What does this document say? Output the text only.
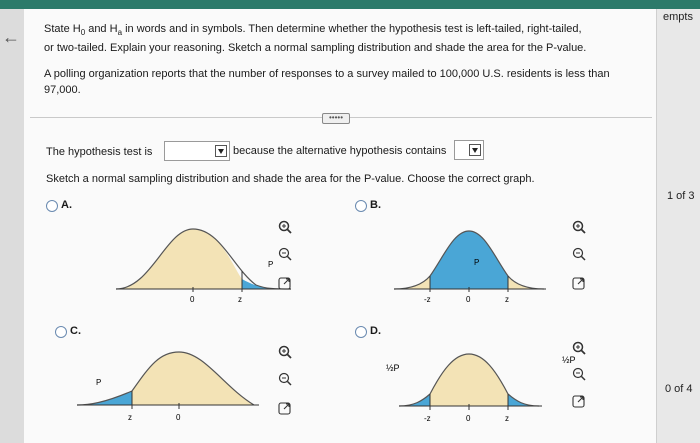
← State $H_0$ and $H_a$ in words and in symbols. Then determine whether the hypothesis test is left-tailed, right-tailed,
or two-tailed. Explain your reasoning. Sketch a normal sampling distribution and shade the area for the P-value.
A polling organization reports that the number of responses to a survey mailed to 100,000 U.S. residents is less than
97,000.
•••••
The hypothesis test is	because the alternative hypothesis contains
Sketch a normal sampling distribution and shade the area for the P-value. Choose the correct graph.
A.
0	z
P
B.
-z	0	z
P
C.
z	0
P
D.
-z	0	z
½P
½P
empts
1 of 3
0 of 4
